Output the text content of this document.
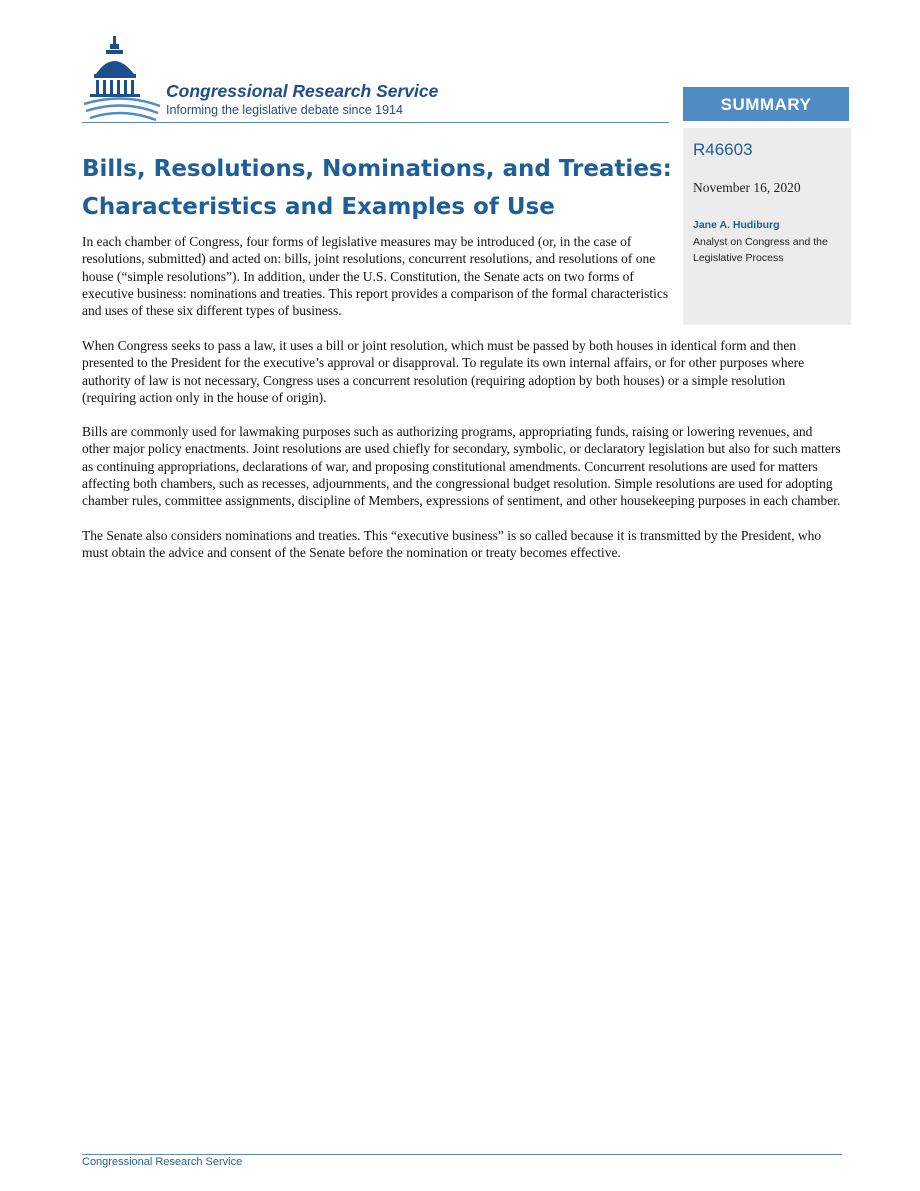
Congressional Research Service
Informing the legislative debate since 1914	SUMMARY
R46603
November 16, 2020
Jane A. Hudiburg
Analyst on Congress and the Legislative Process
Bills, Resolutions, Nominations, and Treaties: Characteristics and Examples of Use

In each chamber of Congress, four forms of legislative measures may be introduced (or, in the case of resolutions, submitted) and acted on: bills, joint resolutions, concurrent resolutions, and resolutions of one house (“simple resolutions”). In addition, under the U.S. Constitution, the Senate acts on two forms of executive business: nominations and treaties. This report provides a comparison of the formal characteristics and uses of these six different types of business.

When Congress seeks to pass a law, it uses a bill or joint resolution, which must be passed by both houses in identical form and then presented to the President for the executive’s approval or disapproval. To regulate its own internal affairs, or for other purposes where authority of law is not necessary, Congress uses a concurrent resolution (requiring adoption by both houses) or a simple resolution (requiring action only in the house of origin).

Bills are commonly used for lawmaking purposes such as authorizing programs, appropriating funds, raising or lowering revenues, and other major policy enactments. Joint resolutions are used chiefly for secondary, symbolic, or declaratory legislation but also for such matters as continuing appropriations, declarations of war, and proposing constitutional amendments. Concurrent resolutions are used for matters affecting both chambers, such as recesses, adjournments, and the congressional budget resolution. Simple resolutions are used for adopting chamber rules, committee assignments, discipline of Members, expressions of sentiment, and other housekeeping purposes in each chamber.

The Senate also considers nominations and treaties. This “executive business” is so called because it is transmitted by the President, who must obtain the advice and consent of the Senate before the nomination or treaty becomes effective.

Congressional Research Service
